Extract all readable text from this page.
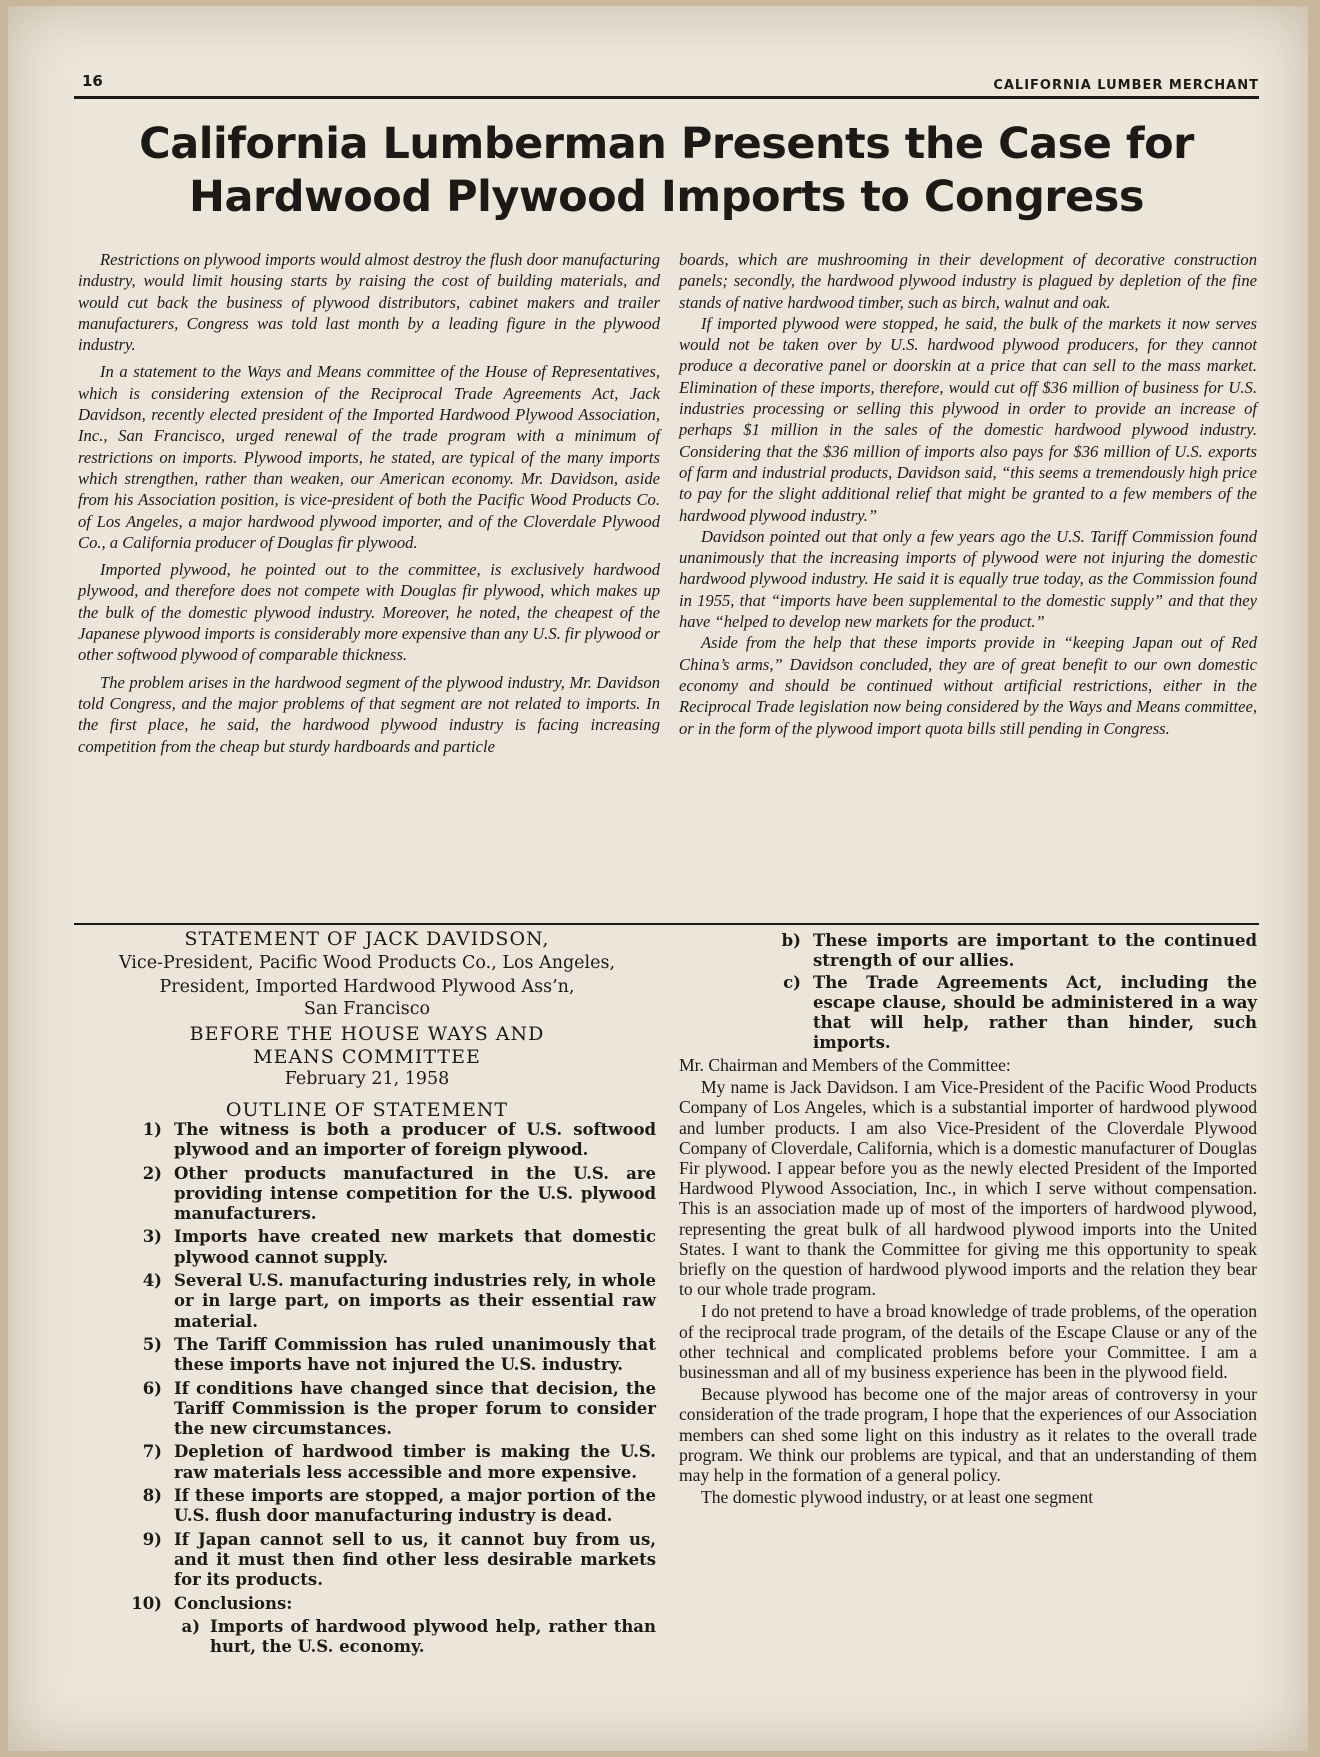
16	CALIFORNIA LUMBER MERCHANT
California Lumberman Presents the Case for
Hardwood Plywood Imports to Congress

Restrictions on plywood imports would almost destroy the flush door manufacturing industry, would limit housing starts by raising the cost of building materials, and would cut back the business of plywood distributors, cabinet makers and trailer manufacturers, Congress was told last month by a leading figure in the plywood industry.

In a statement to the Ways and Means committee of the House of Representatives, which is considering extension of the Reciprocal Trade Agreements Act, Jack Davidson, recently elected president of the Imported Hardwood Plywood Association, Inc., San Francisco, urged renewal of the trade program with a minimum of restrictions on imports. Plywood imports, he stated, are typical of the many imports which strengthen, rather than weaken, our American economy. Mr. Davidson, aside from his Association position, is vice-president of both the Pacific Wood Products Co. of Los Angeles, a major hardwood plywood importer, and of the Cloverdale Plywood Co., a California producer of Douglas fir plywood.

Imported plywood, he pointed out to the committee, is exclusively hardwood plywood, and therefore does not compete with Douglas fir plywood, which makes up the bulk of the domestic plywood industry. Moreover, he noted, the cheapest of the Japanese plywood imports is considerably more expensive than any U.S. fir plywood or other softwood plywood of comparable thickness.

The problem arises in the hardwood segment of the plywood industry, Mr. Davidson told Congress, and the major problems of that segment are not related to imports. In the first place, he said, the hardwood plywood industry is facing increasing competition from the cheap but sturdy hardboards and particle

boards, which are mushrooming in their development of decorative construction panels; secondly, the hardwood plywood industry is plagued by depletion of the fine stands of native hardwood timber, such as birch, walnut and oak.

If imported plywood were stopped, he said, the bulk of the markets it now serves would not be taken over by U.S. hardwood plywood producers, for they cannot produce a decorative panel or doorskin at a price that can sell to the mass market. Elimination of these imports, therefore, would cut off $36 million of business for U.S. industries processing or selling this plywood in order to provide an increase of perhaps $1 million in the sales of the domestic hardwood plywood industry. Considering that the $36 million of imports also pays for $36 million of U.S. exports of farm and industrial products, Davidson said, “this seems a tremendously high price to pay for the slight additional relief that might be granted to a few members of the hardwood plywood industry.”

Davidson pointed out that only a few years ago the U.S. Tariff Commission found unanimously that the increasing imports of plywood were not injuring the domestic hardwood plywood industry. He said it is equally true today, as the Commission found in 1955, that “imports have been supplemental to the domestic supply” and that they have “helped to develop new markets for the product.”

Aside from the help that these imports provide in “keeping Japan out of Red China’s arms,” Davidson concluded, they are of great benefit to our own domestic economy and should be continued without artificial restrictions, either in the Reciprocal Trade legislation now being considered by the Ways and Means committee, or in the form of the plywood import quota bills still pending in Congress.

STATEMENT OF JACK DAVIDSON,
Vice-President, Pacific Wood Products Co., Los Angeles,
President, Imported Hardwood Plywood Ass’n,
San Francisco
BEFORE THE HOUSE WAYS AND
MEANS COMMITTEE
February 21, 1958
OUTLINE OF STATEMENT
1) The witness is both a producer of U.S. softwood plywood and an importer of foreign plywood.
2) Other products manufactured in the U.S. are providing intense competition for the U.S. plywood manufacturers.
3) Imports have created new markets that domestic plywood cannot supply.
4) Several U.S. manufacturing industries rely, in whole or in large part, on imports as their essential raw material.
5) The Tariff Commission has ruled unanimously that these imports have not injured the U.S. industry.
6) If conditions have changed since that decision, the Tariff Commission is the proper forum to consider the new circumstances.
7) Depletion of hardwood timber is making the U.S. raw materials less accessible and more expensive.
8) If these imports are stopped, a major portion of the U.S. flush door manufacturing industry is dead.
9) If Japan cannot sell to us, it cannot buy from us, and it must then find other less desirable markets for its products.
10) Conclusions:
a) Imports of hardwood plywood help, rather than hurt, the U.S. economy.
b) These imports are important to the continued strength of our allies.
c) The Trade Agreements Act, including the escape clause, should be administered in a way that will help, rather than hinder, such imports.

Mr. Chairman and Members of the Committee:

My name is Jack Davidson. I am Vice-President of the Pacific Wood Products Company of Los Angeles, which is a substantial importer of hardwood plywood and lumber products. I am also Vice-President of the Cloverdale Plywood Company of Cloverdale, California, which is a domestic manufacturer of Douglas Fir plywood. I appear before you as the newly elected President of the Imported Hardwood Plywood Association, Inc., in which I serve without compensation. This is an association made up of most of the importers of hardwood plywood, representing the great bulk of all hardwood plywood imports into the United States. I want to thank the Committee for giving me this opportunity to speak briefly on the question of hardwood plywood imports and the relation they bear to our whole trade program.

I do not pretend to have a broad knowledge of trade problems, of the operation of the reciprocal trade program, of the details of the Escape Clause or any of the other technical and complicated problems before your Committee. I am a businessman and all of my business experience has been in the plywood field.

Because plywood has become one of the major areas of controversy in your consideration of the trade program, I hope that the experiences of our Association members can shed some light on this industry as it relates to the overall trade program. We think our problems are typical, and that an understanding of them may help in the formation of a general policy.

The domestic plywood industry, or at least one segment
